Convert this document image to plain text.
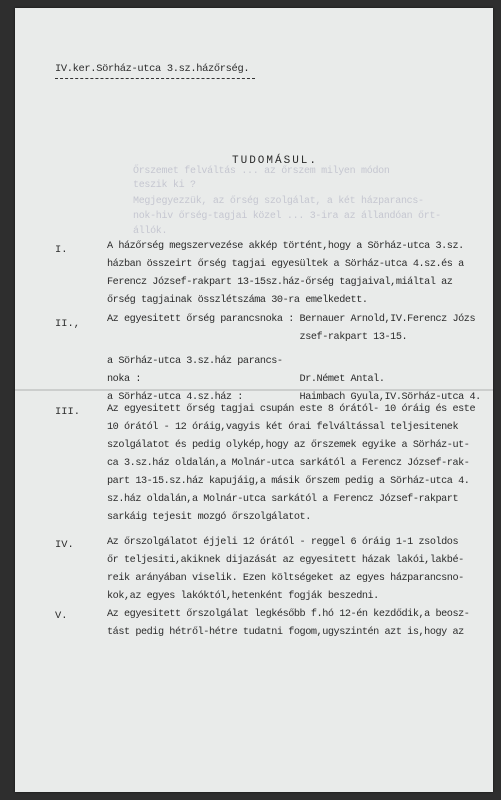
IV.ker.Sörház-utca 3.sz.házőrség.
TUDOMÁSUL.
Őrszemet felváltás ... az őrszem milyen módon
teszik ki ?
Megjegyezzük, az őrség szolgálat, a két házparancs-
nok-hiv őrség-tagjai közel ... 3-ira az állandóan őrt-
állók.
I.	A házőrség megszervezése akkép történt,hogy a Sörház-utca 3.sz.
házban összeirt őrség tagjai egyesültek a Sörház-utca 4.sz.és a
Ferencz József-rakpart 13-15sz.ház-őrség tagjaival,miáltal az
őrség tagjainak összlétszáma 30-ra emelkedett.
II.,	Az egyesitett őrség parancsnoka : Bernauer Arnold,IV.Ferencz Józs
zsef-rakpart 13-15.
a Sörház-utca 3.sz.ház parancs-
noka :                            Dr.Német Antal.
a Sörház-utca 4.sz.ház :          Haimbach Gyula,IV.Sörház-utca 4.
III.	Az egyesitett őrség tagjai csupán este 8 órától- 10 óráig és este
10 órától - 12 óráig,vagyis két órai felváltással teljesitenek
szolgálatot és pedig olykép,hogy az őrszemek egyike a Sörház-ut-
ca 3.sz.ház oldalán,a Molnár-utca sarkától a Ferencz József-rak-
part 13-15.sz.ház kapujáig,a másik őrszem pedig a Sörház-utca 4.
sz.ház oldalán,a Molnár-utca sarkától a Ferencz József-rakpart
sarkáig tejesit mozgó őrszolgálatot.
IV.	Az őrszolgálatot éjjeli 12 órától - reggel 6 óráig 1-1 zsoldos
őr teljesiti,akiknek dijazását az egyesitett házak lakói,lakbé-
reik arányában viselik. Ezen költségeket az egyes házparancsno-
kok,az egyes lakóktól,hetenként fogják beszedni.
V.	Az egyesitett őrszolgálat legkésőbb f.hó 12-én kezdődik,a beosz-
tást pedig hétről-hétre tudatni fogom,ugyszintén azt is,hogy az
